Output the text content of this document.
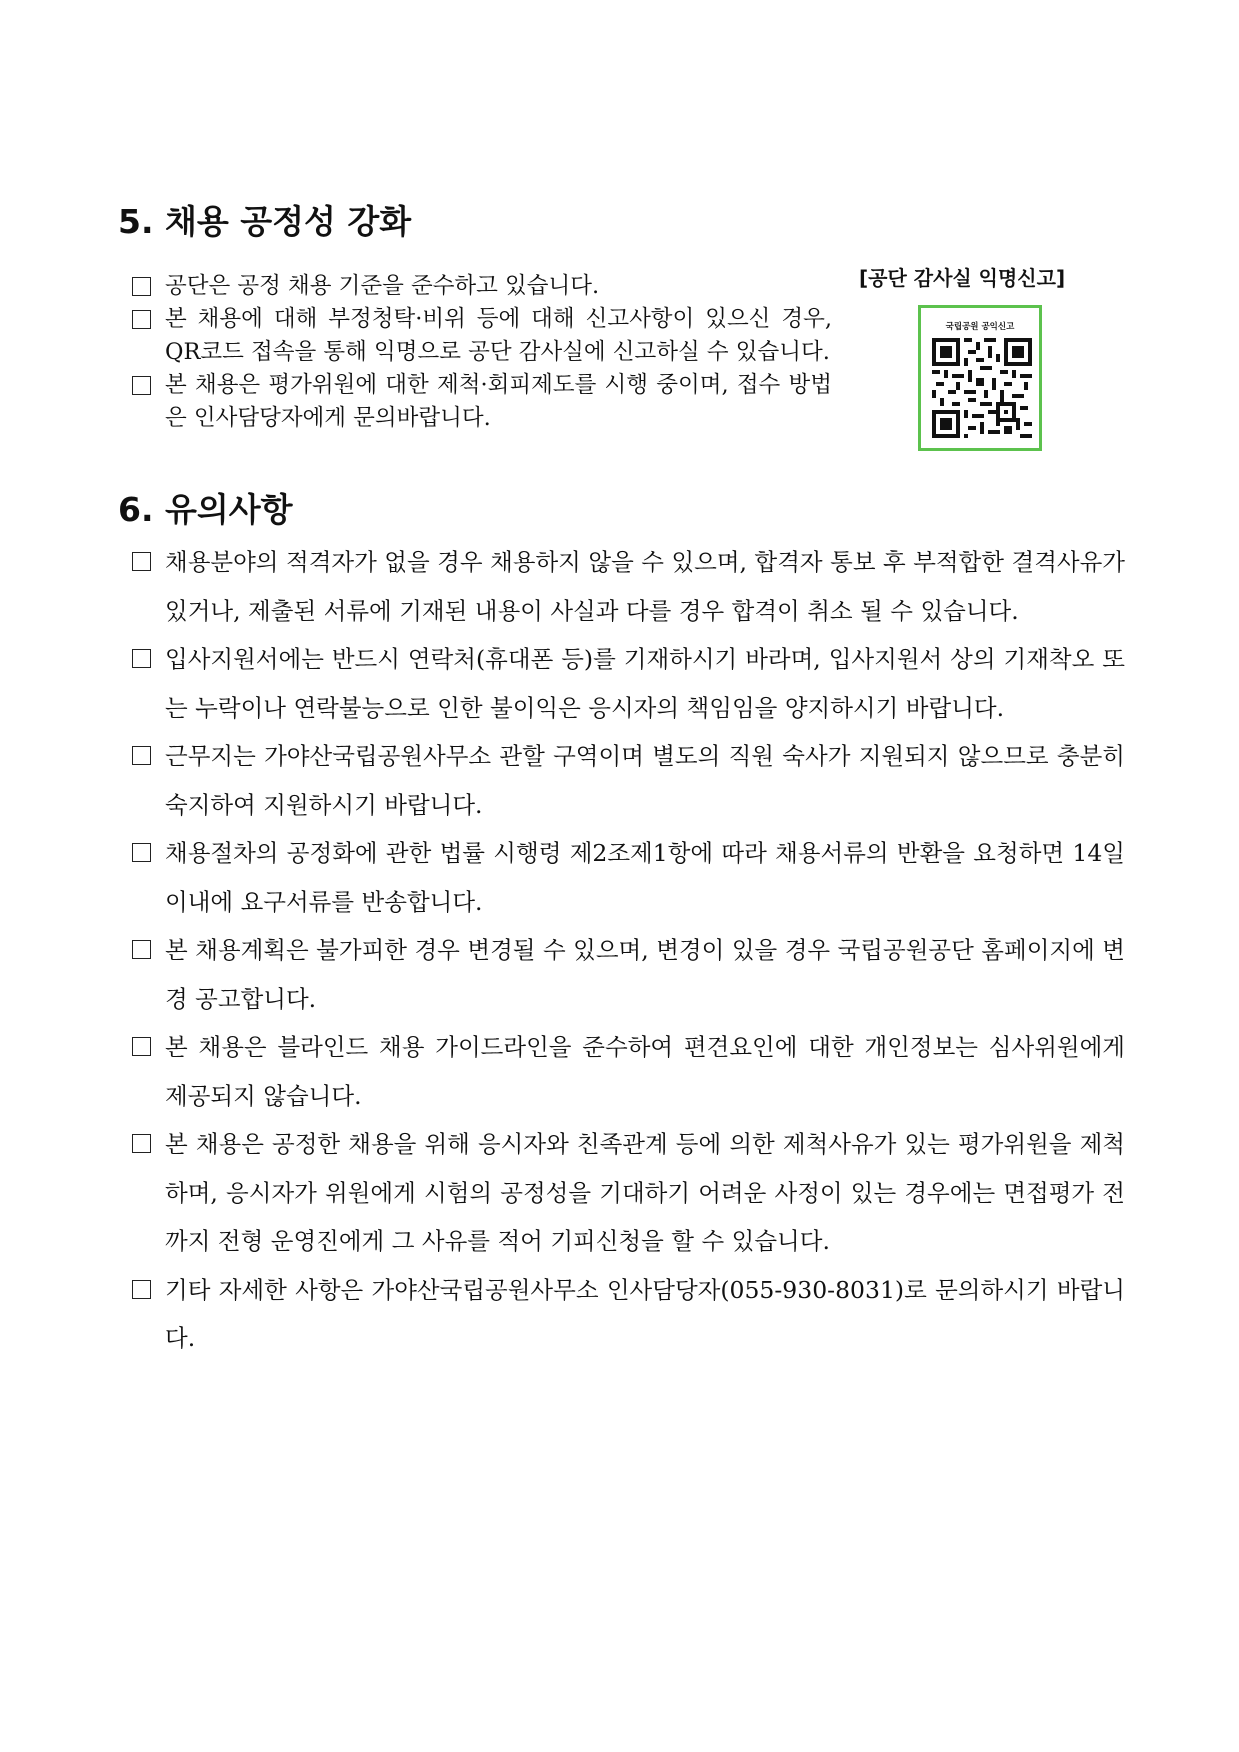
5. 채용 공정성 강화
공단은 공정 채용 기준을 준수하고 있습니다.
본 채용에 대해 부정청탁·비위 등에 대해 신고사항이 있으신 경우, QR코드 접속을 통해 익명으로 공단 감사실에 신고하실 수 있습니다.
본 채용은 평가위원에 대한 제척·회피제도를 시행 중이며, 접수 방법은 인사담당자에게 문의바랍니다.
[공단 감사실 익명신고]
국립공원 공익신고
6. 유의사항
채용분야의 적격자가 없을 경우 채용하지 않을 수 있으며, 합격자 통보 후 부적합한 결격사유가 있거나, 제출된 서류에 기재된 내용이 사실과 다를 경우 합격이 취소 될 수 있습니다.
입사지원서에는 반드시 연락처(휴대폰 등)를 기재하시기 바라며, 입사지원서 상의 기재착오 또는 누락이나 연락불능으로 인한 불이익은 응시자의 책임임을 양지하시기 바랍니다.
근무지는 가야산국립공원사무소 관할 구역이며 별도의 직원 숙사가 지원되지 않으므로 충분히 숙지하여 지원하시기 바랍니다.
채용절차의 공정화에 관한 법률 시행령 제2조제1항에 따라 채용서류의 반환을 요청하면 14일 이내에 요구서류를 반송합니다.
본 채용계획은 불가피한 경우 변경될 수 있으며, 변경이 있을 경우 국립공원공단 홈페이지에 변경 공고합니다.
본 채용은 블라인드 채용 가이드라인을 준수하여 편견요인에 대한 개인정보는 심사위원에게 제공되지 않습니다.
본 채용은 공정한 채용을 위해 응시자와 친족관계 등에 의한 제척사유가 있는 평가위원을 제척하며, 응시자가 위원에게 시험의 공정성을 기대하기 어려운 사정이 있는 경우에는 면접평가 전까지 전형 운영진에게 그 사유를 적어 기피신청을 할 수 있습니다.
기타 자세한 사항은 가야산국립공원사무소 인사담당자(055-930-8031)로 문의하시기 바랍니다.
